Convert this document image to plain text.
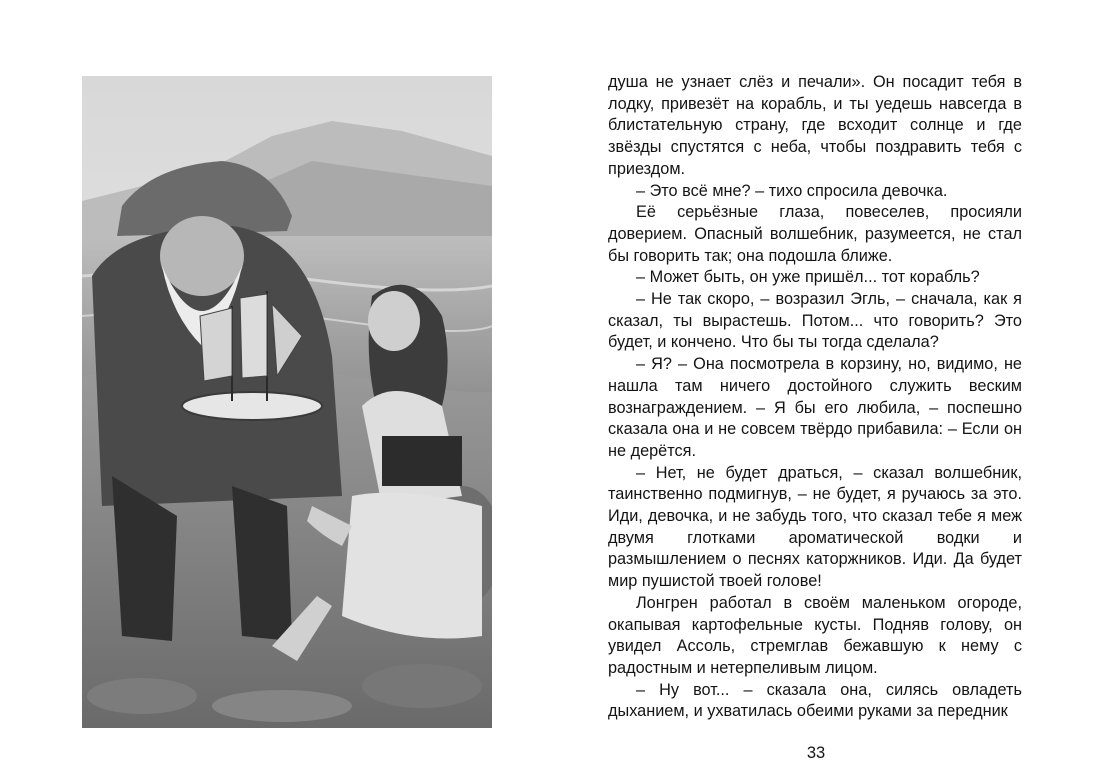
душа не узнает слёз и печали». Он посадит тебя в лодку, привезёт на корабль, и ты уедешь навсегда в блистательную страну, где всходит солнце и где звёзды спустятся с неба, чтобы поздравить тебя с приездом.

– Это всё мне? – тихо спросила девочка.

Её серьёзные глаза, повеселев, просияли доверием. Опасный волшебник, разумеется, не стал бы говорить так; она подошла ближе.

– Может быть, он уже пришёл... тот корабль?

– Не так скоро, – возразил Эгль, – сначала, как я сказал, ты вырастешь. Потом... что говорить? Это будет, и кончено. Что бы ты тогда сделала?

– Я? – Она посмотрела в корзину, но, видимо, не нашла там ничего достойного служить веским вознаграждением. – Я бы его любила, – поспешно сказала она и не совсем твёрдо прибавила: – Если он не дерётся.

– Нет, не будет драться, – сказал волшебник, таинственно подмигнув, – не будет, я ручаюсь за это. Иди, девочка, и не забудь того, что сказал тебе я меж двумя глотками ароматической водки и размышлением о песнях каторжников. Иди. Да будет мир пушистой твоей голове!

Лонгрен работал в своём маленьком огороде, окапывая картофельные кусты. Подняв голову, он увидел Ассоль, стремглав бежавшую к нему с радостным и нетерпеливым лицом.

– Ну вот... – сказала она, силясь овладеть дыханием, и ухватилась обеими руками за передник

33
